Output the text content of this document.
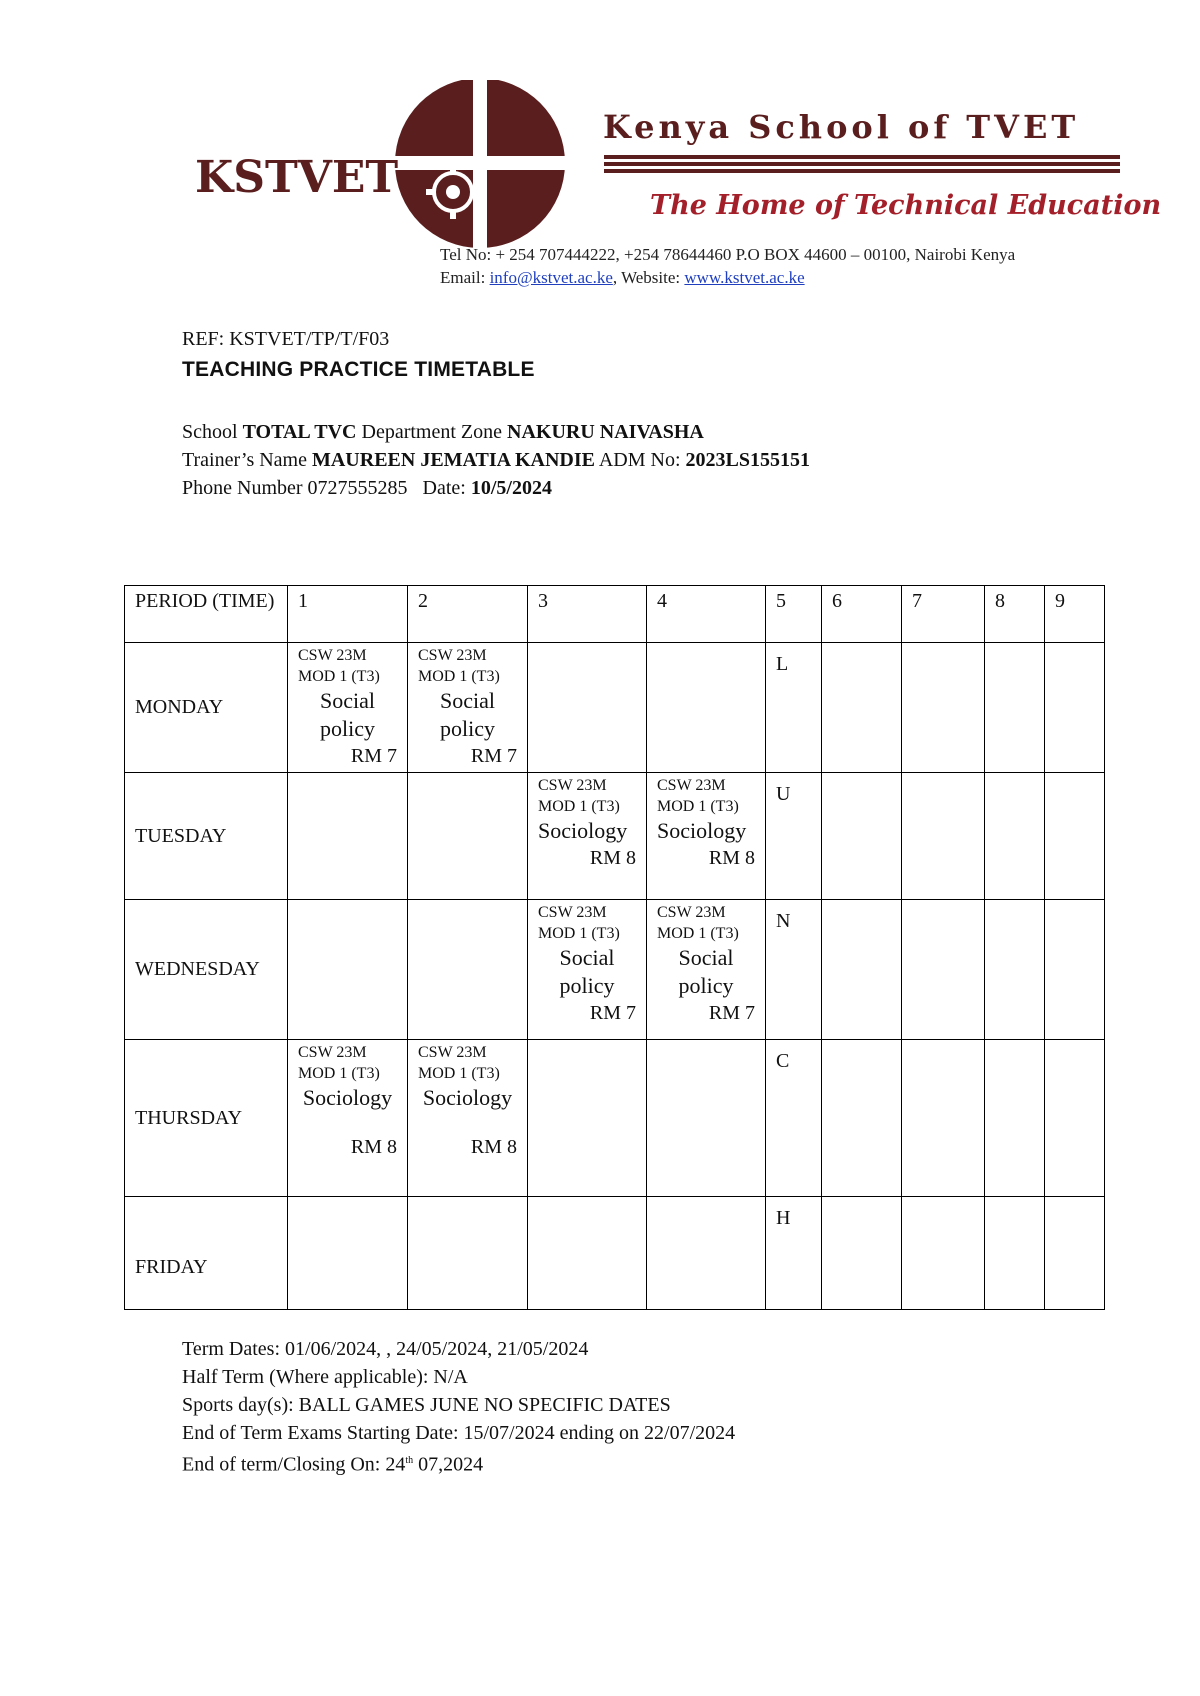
KSTVET
Kenya School of TVET
The Home of Technical Education
Tel No: + 254 707444222, +254 78644460 P.O BOX 44600 – 00100, Nairobi Kenya
Email: info@kstvet.ac.ke, Website: www.kstvet.ac.ke
REF: KSTVET/TP/T/F03
TEACHING PRACTICE TIMETABLE
School TOTAL TVC Department Zone NAKURU NAIVASHA
Trainer’s Name MAUREEN JEMATIA KANDIE ADM No: 2023LS155151
Phone Number 0727555285 Date: 10/5/2024
PERIOD (TIME)	1	2	3	4	5	6	7	8	9
MONDAY	CSW 23M MOD 1 (T3)
Social policy
RM 7	CSW 23M MOD 1 (T3)
Social policy
RM 7			L				
TUESDAY			CSW 23M MOD 1 (T3)
Sociology
RM 8	CSW 23M MOD 1 (T3)
Sociology
RM 8	U				
WEDNESDAY			CSW 23M MOD 1 (T3)
Social policy
RM 7	CSW 23M MOD 1 (T3)
Social policy
RM 7	N				
THURSDAY	CSW 23M MOD 1 (T3)
Sociology
RM 8	CSW 23M MOD 1 (T3)
Sociology
RM 8			C				
FRIDAY					H				
Term Dates: 01/06/2024, , 24/05/2024, 21/05/2024
Half Term (Where applicable): N/A
Sports day(s): BALL GAMES JUNE NO SPECIFIC DATES
End of Term Exams Starting Date: 15/07/2024 ending on 22/07/2024
End of term/Closing On: 24th 07,2024
